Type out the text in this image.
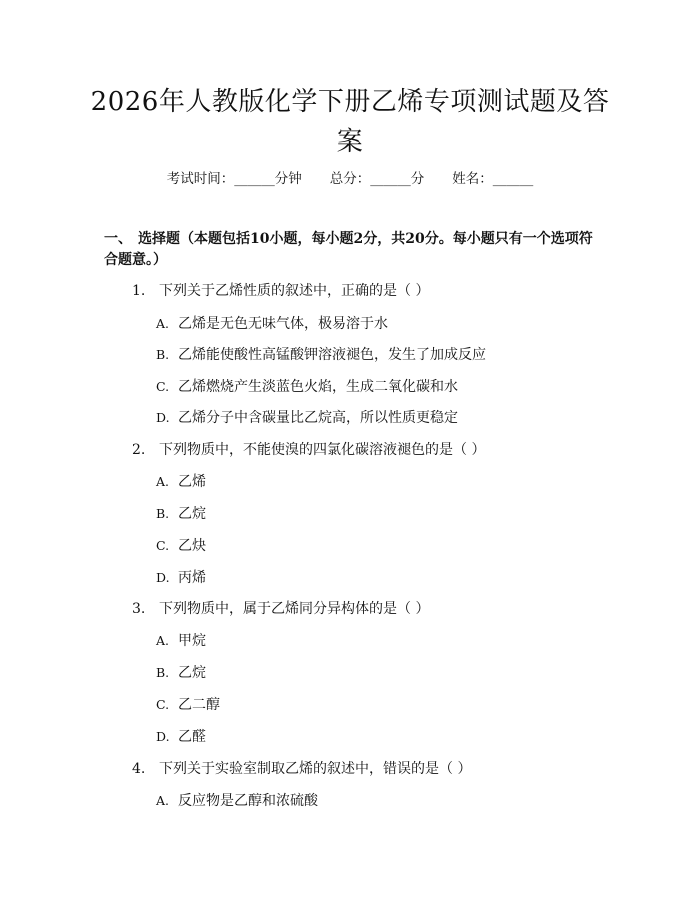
2026年人教版化学下册乙烯专项测试题及答案
考试时间：______分钟 总分：______分 姓名：______
一、 选择题（本题包括10小题，每小题2分，共20分。每小题只有一个选项符合题意。）
1. 下列关于乙烯性质的叙述中，正确的是（ ）
A. 乙烯是无色无味气体，极易溶于水
B. 乙烯能使酸性高锰酸钾溶液褪色，发生了加成反应
C. 乙烯燃烧产生淡蓝色火焰，生成二氧化碳和水
D. 乙烯分子中含碳量比乙烷高，所以性质更稳定
2. 下列物质中，不能使溴的四氯化碳溶液褪色的是（ ）
A. 乙烯
B. 乙烷
C. 乙炔
D. 丙烯
3. 下列物质中，属于乙烯同分异构体的是（ ）
A. 甲烷
B. 乙烷
C. 乙二醇
D. 乙醛
4. 下列关于实验室制取乙烯的叙述中，错误的是（ ）
A. 反应物是乙醇和浓硫酸
